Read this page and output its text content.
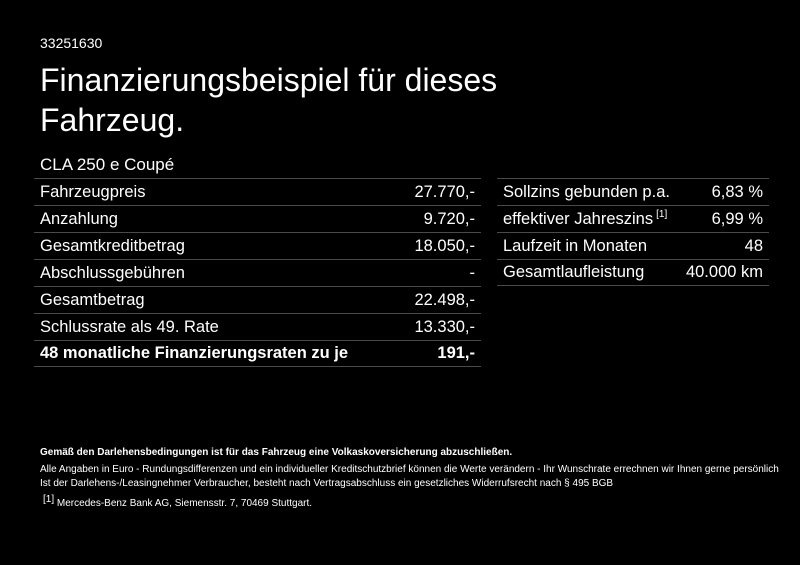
33251630
Finanzierungsbeispiel für dieses Fahrzeug.
CLA 250 e Coupé
Fahrzeugpreis	27.770,-
Anzahlung	9.720,-
Gesamtkreditbetrag	18.050,-
Abschlussgebühren	-
Gesamtbetrag	22.498,-
Schlussrate als 49. Rate	13.330,-
48 monatliche Finanzierungsraten zu je	191,-
Sollzins gebunden p.a.	6,83 %
effektiver Jahreszins [1]	6,99 %
Laufzeit in Monaten	48
Gesamtlaufleistung	40.000 km
Gemäß den Darlehensbedingungen ist für das Fahrzeug eine Volkaskoversicherung abzuschließen.
Alle Angaben in Euro - Rundungsdifferenzen und ein individueller Kreditschutzbrief können die Werte verändern - Ihr Wunschrate errechnen wir Ihnen gerne persönlich
Ist der Darlehens-/Leasingnehmer Verbraucher, besteht nach Vertragsabschluss ein gesetzliches Widerrufsrecht nach § 495 BGB
[1] Mercedes-Benz Bank AG, Siemensstr. 7, 70469 Stuttgart.
